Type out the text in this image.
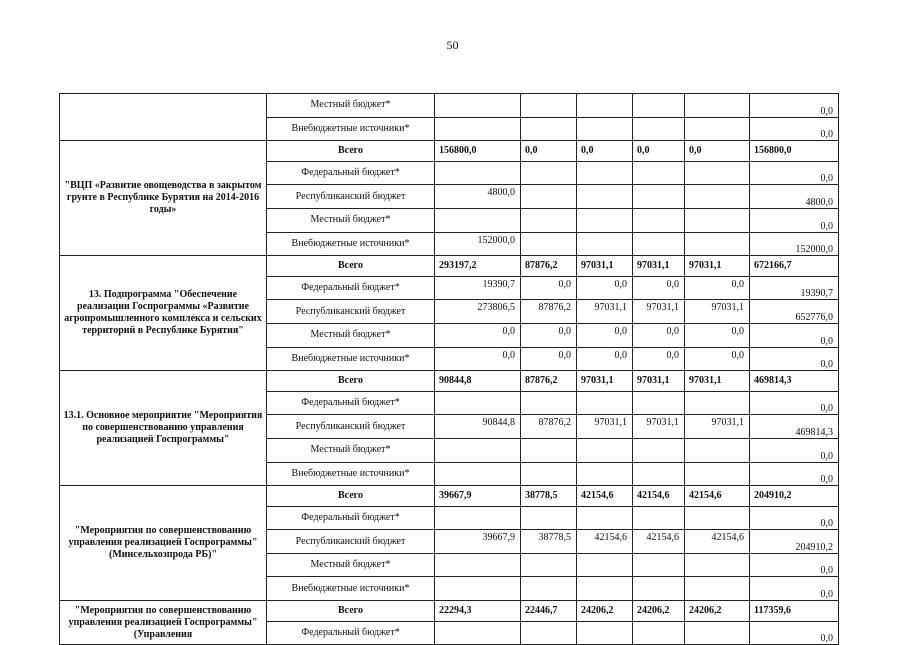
50
	Местный бюджет*						0,0
	Внебюджетные источники*						0,0
"ВЦП «Развитие овощеводства в закрытом грунте в Республике Бурятия на 2014-2016 годы»	Всего	156800,0	0,0	0,0	0,0	0,0	156800,0
	Федеральный бюджет*						0,0
	Республиканский бюджет	4800,0					4800,0
	Местный бюджет*						0,0
	Внебюджетные источники*	152000,0					152000,0
13. Подпрограмма "Обеспечение реализации Госпрограммы «Развитие агропромышленного комплекса и сельских территорий в Республике Бурятия"	Всего	293197,2	87876,2	97031,1	97031,1	97031,1	672166,7
	Федеральный бюджет*	19390,7	0,0	0,0	0,0	0,0	19390,7
	Республиканский бюджет	273806,5	87876,2	97031,1	97031,1	97031,1	652776,0
	Местный бюджет*	0,0	0,0	0,0	0,0	0,0	0,0
	Внебюджетные источники*	0,0	0,0	0,0	0,0	0,0	0,0
13.1. Основное мероприятие "Мероприятия по совершенствованию управления реализацией Госпрограммы"	Всего	90844,8	87876,2	97031,1	97031,1	97031,1	469814,3
	Федеральный бюджет*						0,0
	Республиканский бюджет	90844,8	87876,2	97031,1	97031,1	97031,1	469814,3
	Местный бюджет*						0,0
	Внебюджетные источники*						0,0
"Мероприятия по совершенствованию управления реализацией Госпрограммы" (Минсельхозпрода РБ)"	Всего	39667,9	38778,5	42154,6	42154,6	42154,6	204910,2
	Федеральный бюджет*						0,0
	Республиканский бюджет	39667,9	38778,5	42154,6	42154,6	42154,6	204910,2
	Местный бюджет*						0,0
	Внебюджетные источники*						0,0
"Мероприятия по совершенствованию управления реализацией Госпрограммы" (Управления	Всего	22294,3	22446,7	24206,2	24206,2	24206,2	117359,6
	Федеральный бюджет*						0,0
